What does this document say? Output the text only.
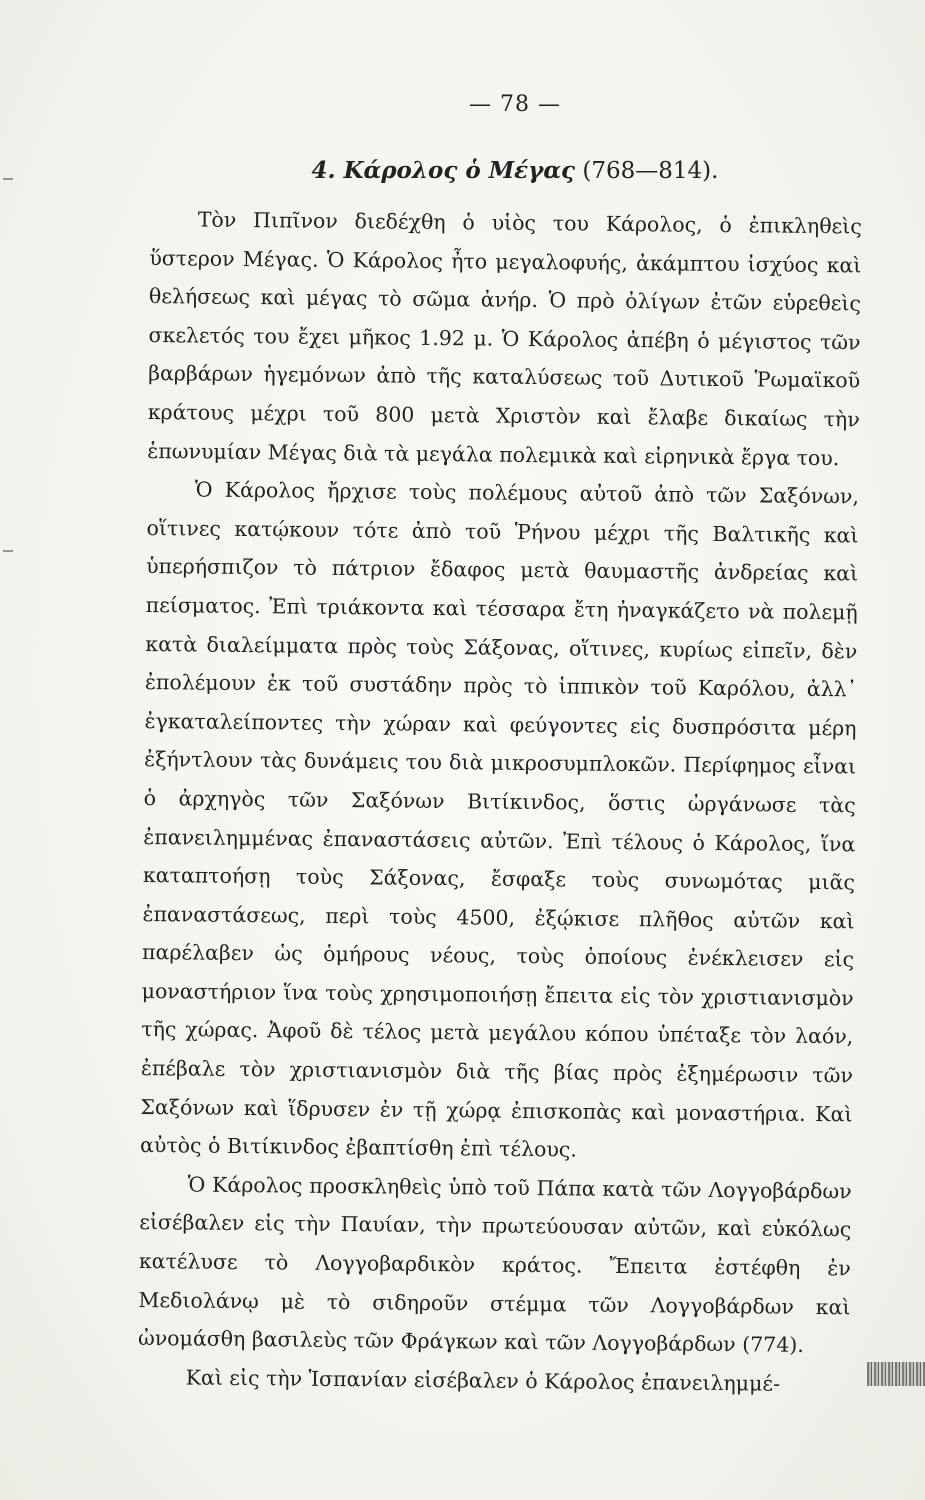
— 78 —
4. Κάρολος ὁ Μέγας (768—814).

Τὸν Πιπῖνον διεδέχθη ὁ υἱὸς του Κάρολος, ὁ ἐπικληθεὶς ὕστερον Μέγας. Ὁ Κάρολος ἦτο μεγαλοφυής, ἀκάμπτου ἰσχύος καὶ θελήσεως καὶ μέγας τὸ σῶμα ἀνήρ. Ὁ πρὸ ὀλίγων ἐτῶν εὑρεθεὶς σκελετός του ἔχει μῆκος 1.92 μ. Ὁ Κάρολος ἀπέβη ὁ μέγιστος τῶν βαρβάρων ἡγεμόνων ἀπὸ τῆς καταλύσεως τοῦ Δυτικοῦ Ῥωμαϊκοῦ κράτους μέχρι τοῦ 800 μετὰ Χριστὸν καὶ ἔλαβε δικαίως τὴν ἐπωνυμίαν Μέγας διὰ τὰ μεγάλα πολεμικὰ καὶ εἰρηνικὰ ἔργα του.

Ὁ Κάρολος ἤρχισε τοὺς πολέμους αὐτοῦ ἀπὸ τῶν Σαξόνων, οἵτινες κατῴκουν τότε ἀπὸ τοῦ Ῥήνου μέχρι τῆς Βαλτικῆς καὶ ὑπερήσπιζον τὸ πάτριον ἔδαφος μετὰ θαυμαστῆς ἀνδρείας καὶ πείσματος. Ἐπὶ τριάκοντα καὶ τέσσαρα ἔτη ἠναγκάζετο νὰ πολεμῇ κατὰ διαλείμματα πρὸς τοὺς Σάξονας, οἵτινες, κυρίως εἰπεῖν, δὲν ἐπολέμουν ἐκ τοῦ συστάδην πρὸς τὸ ἱππικὸν τοῦ Καρόλου, ἀλλ᾽ ἐγκαταλείποντες τὴν χώραν καὶ φεύγοντες εἰς δυσπρόσιτα μέρη ἐξήντλουν τὰς δυνάμεις του διὰ μικροσυμπλοκῶν. Περίφημος εἶναι ὁ ἀρχηγὸς τῶν Σαξόνων Βιτίκινδος, ὅστις ὠργάνωσε τὰς ἐπανειλημμένας ἐπαναστάσεις αὐτῶν. Ἐπὶ τέλους ὁ Κάρολος, ἵνα καταπτοήσῃ τοὺς Σάξονας, ἔσφαξε τοὺς συνωμότας μιᾶς ἐπαναστάσεως, περὶ τοὺς 4500, ἐξῴκισε πλῆθος αὐτῶν καὶ παρέλαβεν ὡς ὁμήρους νέους, τοὺς ὁποίους ἐνέκλεισεν εἰς μοναστήριον ἵνα τοὺς χρησιμοποιήσῃ ἔπειτα εἰς τὸν χριστιανισμὸν τῆς χώρας. Ἀφοῦ δὲ τέλος μετὰ μεγάλου κόπου ὑπέταξε τὸν λαόν, ἐπέβαλε τὸν χριστιανισμὸν διὰ τῆς βίας πρὸς ἐξημέρωσιν τῶν Σαξόνων καὶ ἵδρυσεν ἐν τῇ χώρᾳ ἐπισκοπὰς καὶ μοναστήρια. Καὶ αὐτὸς ὁ Βιτίκινδος ἐβαπτίσθη ἐπὶ τέλους.

Ὁ Κάρολος προσκληθεὶς ὑπὸ τοῦ Πάπα κατὰ τῶν Λογγοβάρδων εἰσέβαλεν εἰς τὴν Παυίαν, τὴν πρωτεύουσαν αὐτῶν, καὶ εὐκόλως κατέλυσε τὸ Λογγοβαρδικὸν κράτος. Ἔπειτα ἐστέφθη ἐν Μεδιολάνῳ μὲ τὸ σιδηροῦν στέμμα τῶν Λογγοβάρδων καὶ ὠνομάσθη βασιλεὺς τῶν Φράγκων καὶ τῶν Λογγοβάρδων (774).

Καὶ εἰς τὴν Ἱσπανίαν εἰσέβαλεν ὁ Κάρολος ἐπανειλημμέ-
